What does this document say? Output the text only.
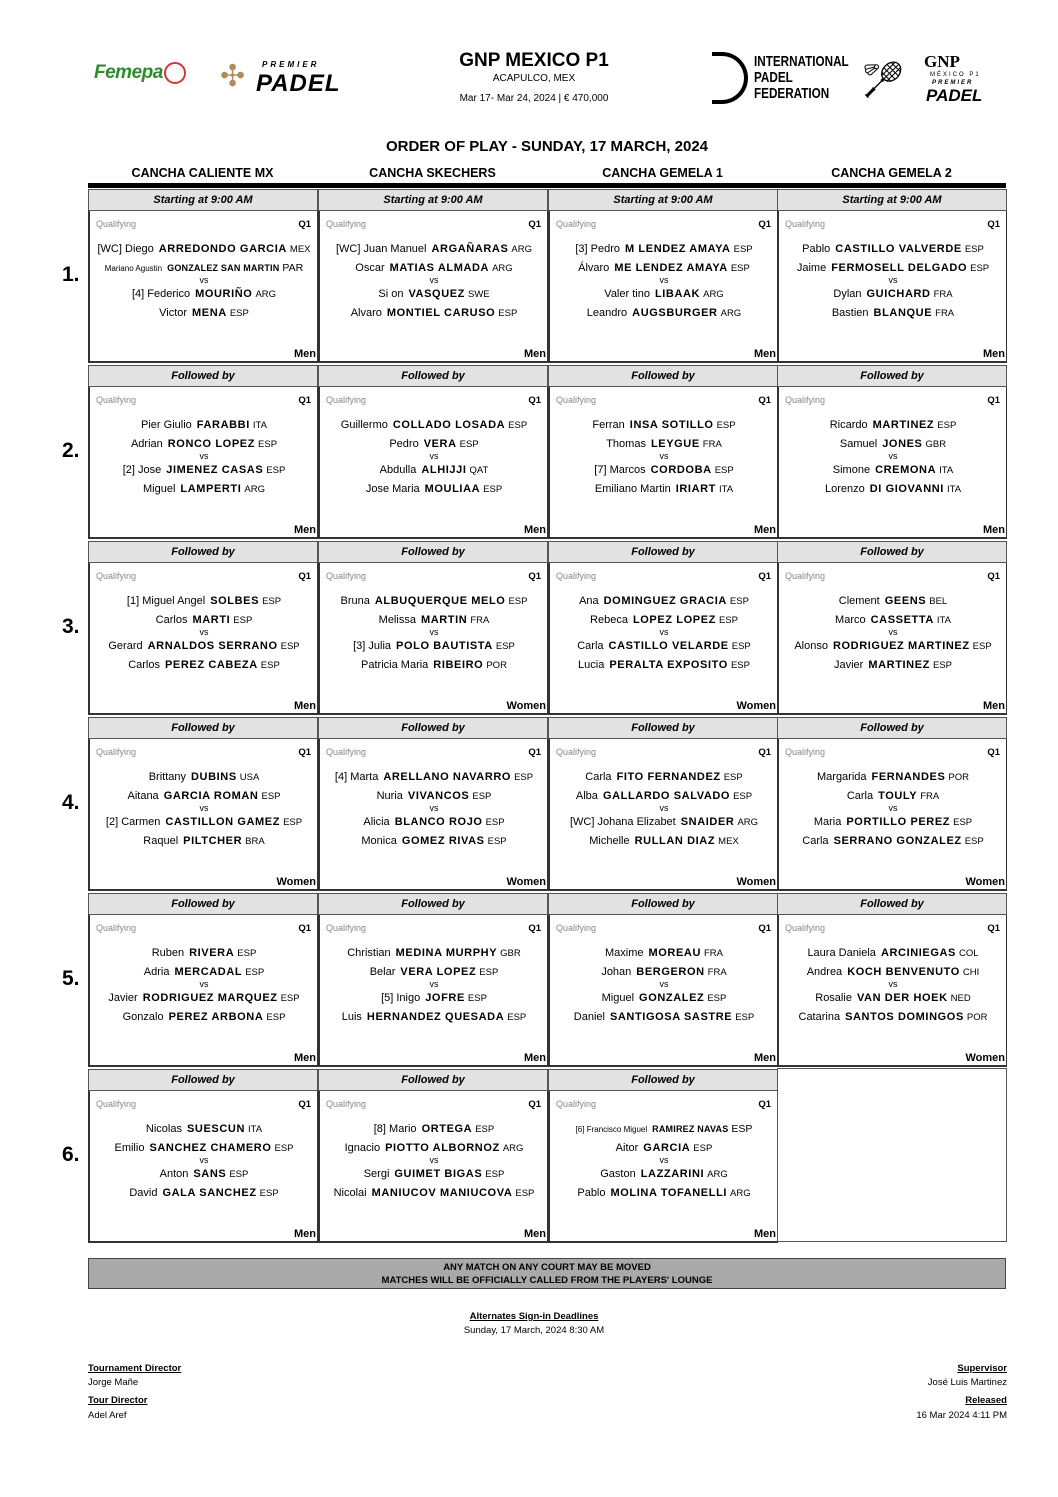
Femepa	✣ PREMIER
PADEL
GNP MEXICO P1
ACAPULCO, MEX
Mar 17- Mar 24, 2024 | € 470,000
INTERNATIONAL
PADEL
FEDERATION 🏸︎ GNP
MÉXICO P1
PREMIER
PADEL
ORDER OF PLAY - SUNDAY, 17 MARCH, 2024
CANCHA CALIENTE MX	CANCHA SKECHERS	CANCHA GEMELA 1	CANCHA GEMELA 2
1.
Starting at 9:00 AM
Qualifying	Q1
[WC] Diego ARREDONDO GARCIA MEX
Mariano Agustin GONZALEZ SAN MARTIN PAR
[4] Federico MOURIÑO ARG
Victor MENA ESP
vs
Men
Starting at 9:00 AM
Qualifying	Q1
[WC] Juan Manuel ARGAÑARAS ARG
Oscar MATIAS ALMADA ARG
Si on VASQUEZ SWE
Alvaro MONTIEL CARUSO ESP
vs
Men
Starting at 9:00 AM
Qualifying	Q1
[3] Pedro M LENDEZ AMAYA ESP
Álvaro ME LENDEZ AMAYA ESP
Valer tino LIBAAK ARG
Leandro AUGSBURGER ARG
vs
Men
Starting at 9:00 AM
Qualifying	Q1
Pablo CASTILLO VALVERDE ESP
Jaime FERMOSELL DELGADO ESP
Dylan GUICHARD FRA
Bastien BLANQUE FRA
vs
Men
2.
Followed by
Qualifying	Q1
Pier Giulio FARABBI ITA
Adrian RONCO LOPEZ ESP
[2] Jose JIMENEZ CASAS ESP
Miguel LAMPERTI ARG
vs
Men
Followed by
Qualifying	Q1
Guillermo COLLADO LOSADA ESP
Pedro VERA ESP
Abdulla ALHIJJI QAT
Jose Maria MOULIAA ESP
vs
Men
Followed by
Qualifying	Q1
Ferran INSA SOTILLO ESP
Thomas LEYGUE FRA
[7] Marcos CORDOBA ESP
Emiliano Martin IRIART ITA
vs
Men
Followed by
Qualifying	Q1
Ricardo MARTINEZ ESP
Samuel JONES GBR
Simone CREMONA ITA
Lorenzo DI GIOVANNI ITA
vs
Men
3.
Followed by
Qualifying	Q1
[1] Miguel Angel SOLBES ESP
Carlos MARTI ESP
Gerard ARNALDOS SERRANO ESP
Carlos PEREZ CABEZA ESP
vs
Men
Followed by
Qualifying	Q1
Bruna ALBUQUERQUE MELO ESP
Melissa MARTIN FRA
[3] Julia POLO BAUTISTA ESP
Patricia Maria RIBEIRO POR
vs
Women
Followed by
Qualifying	Q1
Ana DOMINGUEZ GRACIA ESP
Rebeca LOPEZ LOPEZ ESP
Carla CASTILLO VELARDE ESP
Lucia PERALTA EXPOSITO ESP
vs
Women
Followed by
Qualifying	Q1
Clement GEENS BEL
Marco CASSETTA ITA
Alonso RODRIGUEZ MARTINEZ ESP
Javier MARTINEZ ESP
vs
Men
4.
Followed by
Qualifying	Q1
Brittany DUBINS USA
Aitana GARCIA ROMAN ESP
[2] Carmen CASTILLON GAMEZ ESP
Raquel PILTCHER BRA
vs
Women
Followed by
Qualifying	Q1
[4] Marta ARELLANO NAVARRO ESP
Nuria VIVANCOS ESP
Alicia BLANCO ROJO ESP
Monica GOMEZ RIVAS ESP
vs
Women
Followed by
Qualifying	Q1
Carla FITO FERNANDEZ ESP
Alba GALLARDO SALVADO ESP
[WC] Johana Elizabet SNAIDER ARG
Michelle RULLAN DIAZ MEX
vs
Women
Followed by
Qualifying	Q1
Margarida FERNANDES POR
Carla TOULY FRA
Maria PORTILLO PEREZ ESP
Carla SERRANO GONZALEZ ESP
vs
Women
5.
Followed by
Qualifying	Q1
Ruben RIVERA ESP
Adria MERCADAL ESP
Javier RODRIGUEZ MARQUEZ ESP
Gonzalo PEREZ ARBONA ESP
vs
Men
Followed by
Qualifying	Q1
Christian MEDINA MURPHY GBR
Belar VERA LOPEZ ESP
[5] Inigo JOFRE ESP
Luis HERNANDEZ QUESADA ESP
vs
Men
Followed by
Qualifying	Q1
Maxime MOREAU FRA
Johan BERGERON FRA
Miguel GONZALEZ ESP
Daniel SANTIGOSA SASTRE ESP
vs
Men
Followed by
Qualifying	Q1
Laura Daniela ARCINIEGAS COL
Andrea KOCH BENVENUTO CHI
Rosalie VAN DER HOEK NED
Catarina SANTOS DOMINGOS POR
vs
Women
6.
Followed by
Qualifying	Q1
Nicolas SUESCUN ITA
Emilio SANCHEZ CHAMERO ESP
Anton SANS ESP
David GALA SANCHEZ ESP
vs
Men
Followed by
Qualifying	Q1
[8] Mario ORTEGA ESP
Ignacio PIOTTO ALBORNOZ ARG
Sergi GUIMET BIGAS ESP
Nicolai MANIUCOV MANIUCOVA ESP
vs
Men
Followed by
Qualifying	Q1
[6] Francisco Miguel RAMIREZ NAVAS ESP
Aitor GARCIA ESP
Gaston LAZZARINI ARG
Pablo MOLINA TOFANELLI ARG
vs
Men
ANY MATCH ON ANY COURT MAY BE MOVED
MATCHES WILL BE OFFICIALLY CALLED FROM THE PLAYERS' LOUNGE
Alternates Sign-in Deadlines
Sunday, 17 March, 2024 8:30 AM
Tournament Director
Jorge Mañe
Tour Director
Adel Aref
Supervisor
José Luis Martinez
Released
16 Mar 2024 4:11 PM
